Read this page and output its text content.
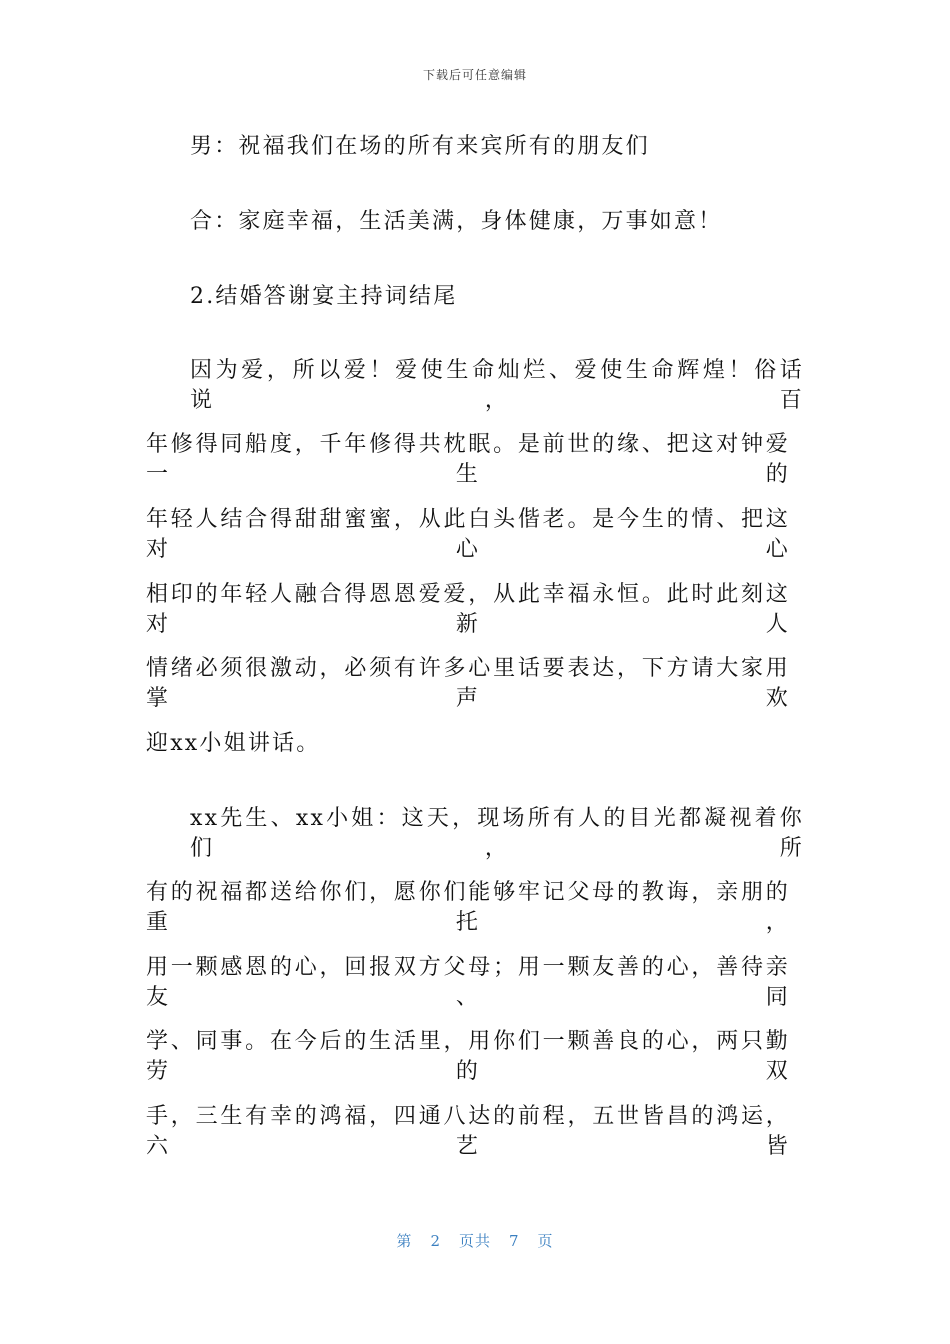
下载后可任意编辑
男：祝福我们在场的所有来宾所有的朋友们
合：家庭幸福，生活美满，身体健康，万事如意！
2.结婚答谢宴主持词结尾
因为爱，所以爱！爱使生命灿烂、爱使生命辉煌！俗话说，百
年修得同船度，千年修得共枕眠。是前世的缘、把这对钟爱一生的
年轻人结合得甜甜蜜蜜，从此白头偕老。是今生的情、把这对心心
相印的年轻人融合得恩恩爱爱，从此幸福永恒。此时此刻这对新人
情绪必须很激动，必须有许多心里话要表达，下方请大家用掌声欢
迎xx小姐讲话。
xx先生、xx小姐：这天，现场所有人的目光都凝视着你们，所
有的祝福都送给你们，愿你们能够牢记父母的教诲，亲朋的重托，
用一颗感恩的心，回报双方父母；用一颗友善的心，善待亲友、同
学、同事。在今后的生活里，用你们一颗善良的心，两只勤劳的双
手，三生有幸的鸿福，四通八达的前程，五世皆昌的鸿运，六艺皆
第 2 页共 7 页
